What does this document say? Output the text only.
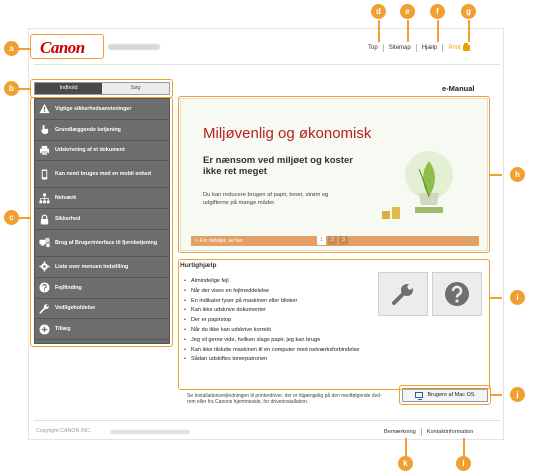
Canon	Top Sitemap Hjælp Print
e-Manual
Indhold	Søg
Vigtige sikkerhedsanvisninger
Grundlæggende betjening
Udskrivning af et dokument
Kan nemt bruges med en mobil enhed
Netværk
Sikkerhed
Brug af Brugerinterface til fjernbetjening
Liste over menuen Indstilling
Fejlfinding
Vedligeholdelse
Tillæg
Miljøvenlig og økonomisk
Er nænsom ved miljøet og koster ikke ret meget
Du kan reducere brugen af papir, toner, strøm og udgifterne på mange måder.
> For detaljer, se her	1	2	3
Hurtighjælp
• Almindelige fejl
• Når der vises en fejlmeddelelse
• En indikator lyser på maskinen eller blinker
• Kan ikke udskrive dokumenter
• Der er papirstop
• Når du ikke kan udskrive korrekt
• Jeg vil gerne vide, hvilken slags papir, jeg kan bruge
• Kan ikke tilslutte maskinen til en computer med netværksforbindelse
• Sådan udskiftes tonerpatronen
Se Installationsvejledningen til printerdriver, der er tilgængelig på den medfølgende dvd-rom eller fra Canons hjemmeside, for driverinstallation.
Brugere af Mac OS
Copyright CANON INC.	Bemærkning Kontaktinformation
a
b
c
d	e	f	g
h
i
j
k	l
